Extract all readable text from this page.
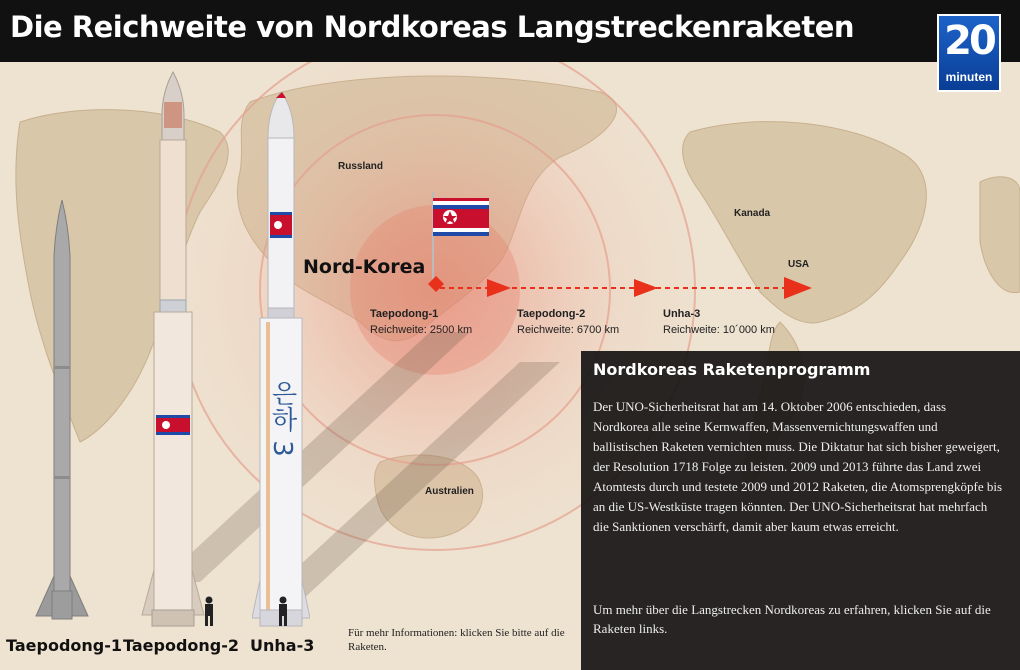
Die Reichweite von Nordkoreas Langstreckenraketen 20
minuten
Russland
Kanada
USA
Australien
Nord-Korea
Taepodong-1
Reichweite: 2500 km
Taepodong-2
Reichweite: 6700 km
Unha-3
Reichweite: 10´000 km
Nordkoreas Raketenprogramm

Der UNO-Sicherheitsrat hat am 14. Oktober 2006 entschieden, dass Nordkorea alle seine Kernwaffen, Massenvernichtungswaffen und ballistischen Raketen vernichten muss. Die Diktatur hat sich bisher geweigert, der Resolution 1718 Folge zu leisten. 2009 und 2013 führte das Land zwei Atomtests durch und testete 2009 und 2012 Raketen, die Atomsprengköpfe bis an die US-Westküste tragen könnten. Der UNO-Sicherheitsrat hat mehrfach die Sanktionen verschärft, damit aber kaum etwas erreicht.

Um mehr über die Langstrecken Nordkoreas zu erfahren, klicken Sie auf die Raketen links.

은하 3
Taepodong-1 Taepodong-2 Unha-3
Für mehr Informationen: klicken Sie bitte auf die Raketen.
